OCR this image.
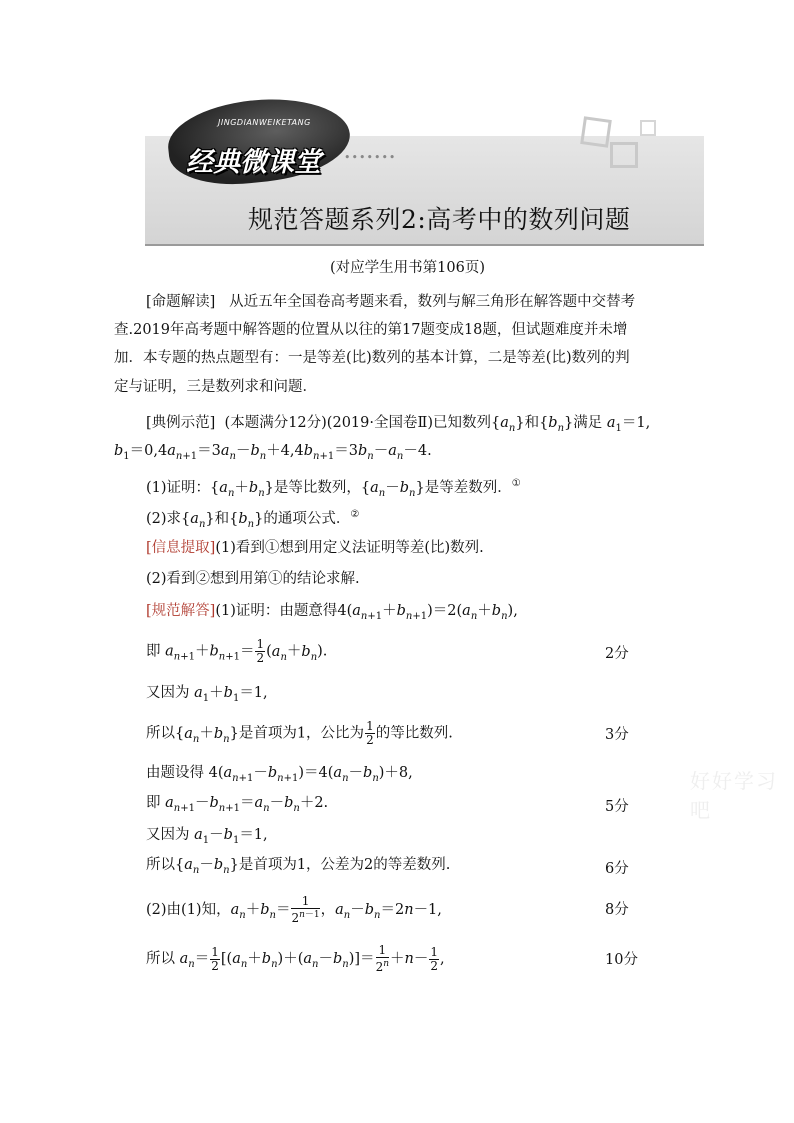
JINGDIANWEIKETANG
经典微课堂 •••••••
规范答题系列2:高考中的数列问题
(对应学生用书第106页)
[命题解读] 从近五年全国卷高考题来看，数列与解三角形在解答题中交替考
查.2019年高考题中解答题的位置从以往的第17题变成18题，但试题难度并未增
加．本专题的热点题型有：一是等差(比)数列的基本计算，二是等差(比)数列的判
定与证明，三是数列求和问题．
[典例示范] (本题满分12分)(2019·全国卷Ⅱ)已知数列$\{a_n\}$和$\{b_n\}$满足 $a_1=1$,
$b_1=0,4a_{n+1}=3a_n-b_n+4,4b_{n+1}=3b_n-a_n-4$.
(1)证明：$\{a_n+b_n\}$是等比数列，$\{a_n-b_n\}$是等差数列．①
(2)求$\{a_n\}$和$\{b_n\}$的通项公式．②
[信息提取](1)看到①想到用定义法证明等差(比)数列.
(2)看到②想到用第①的结论求解.
[规范解答](1)证明：由题意得$4(a_{n+1}+b_{n+1})=2(a_n+b_n)$,
即 $a_{n+1}+b_{n+1}= \frac{1}{2} (a_n+b_n)$.	2分
又因为 $a_1+b_1=1$,
所以$\{a_n+b_n\}$是首项为1，公比为 $\frac{1}{2}$ 的等比数列.	3分
由题设得 $4(a_{n+1}-b_{n+1})=4(a_n-b_n)+8$,
即 $a_{n+1}-b_{n+1}=a_n-b_n+2$.	5分
又因为 $a_1-b_1=1$,
所以$\{a_n-b_n\}$是首项为1，公差为2的等差数列.	6分
(2)由(1)知，$a_n+b_n= \frac{1}{2^{n-1}}$ ，$a_n-b_n=2n-1$,	8分
所以 $a_n= \frac{1}{2} [(a_n+b_n)+(a_n-b_n)]= \frac{1}{2^n} +n- \frac{1}{2}$ ,	10分
好好学习吧
